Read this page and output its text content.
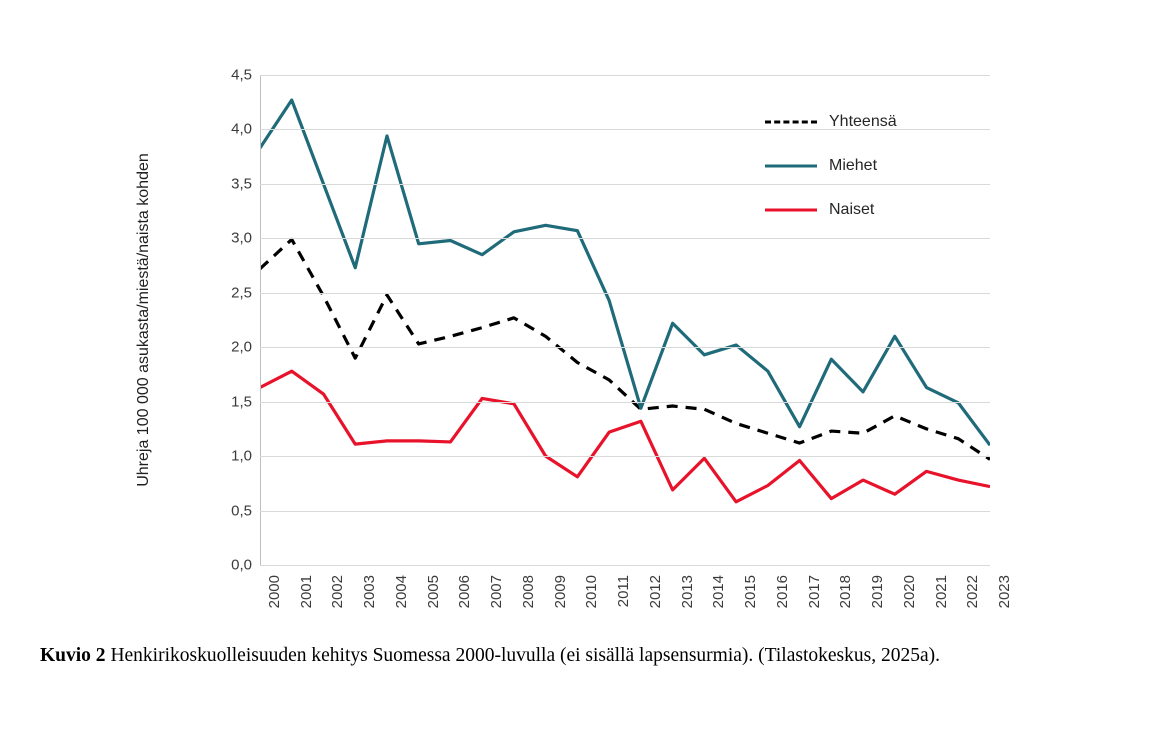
Uhreja 100 000 asukasta/miestä/naista kohden
0,0
0,5
1,0
1,5
2,0
2,5
3,0
3,5
4,0
4,5
2000 2001 2002 2003 2004 2005 2006 2007 2008 2009 2010 2011 2012 2013 2014 2015 2016 2017 2018 2019 2020 2021 2022 2023
Yhteensä
Miehet
Naiset
Kuvio 2 Henkirikoskuolleisuuden kehitys Suomessa 2000-luvulla (ei sisällä lapsensurmia). (Tilastokeskus, 2025a).
